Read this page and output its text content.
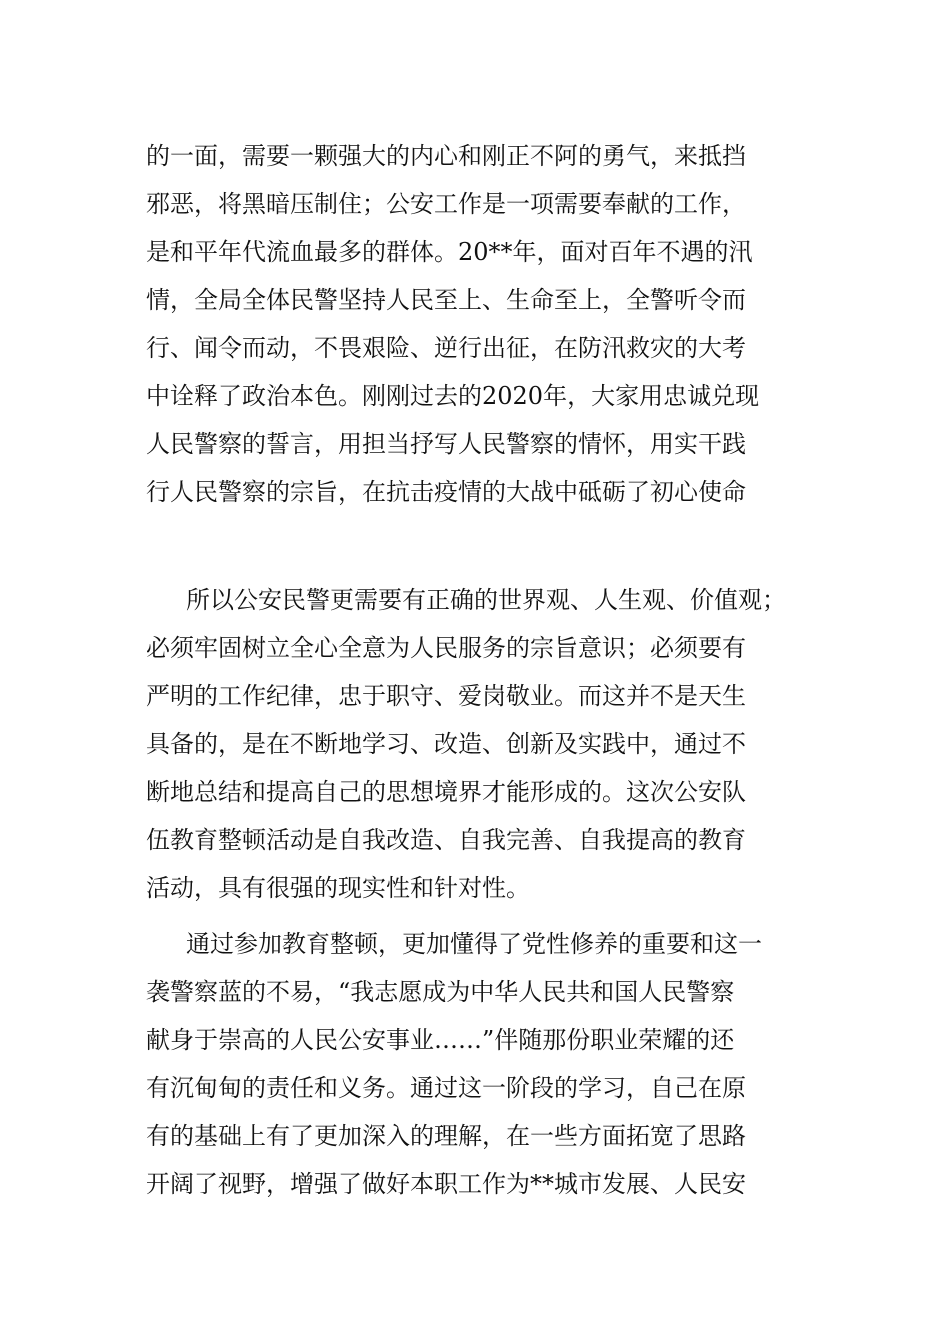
的一面，需要一颗强大的内心和刚正不阿的勇气，来抵挡
邪恶，将黑暗压制住；公安工作是一项需要奉献的工作，
是和平年代流血最多的群体。20**年，面对百年不遇的汛
情，全局全体民警坚持人民至上、生命至上，全警听令而
行、闻令而动，不畏艰险、逆行出征，在防汛救灾的大考
中诠释了政治本色。刚刚过去的2020年，大家用忠诚兑现
人民警察的誓言，用担当抒写人民警察的情怀，用实干践
行人民警察的宗旨，在抗击疫情的大战中砥砺了初心使命
所以公安民警更需要有正确的世界观、人生观、价值观；
必须牢固树立全心全意为人民服务的宗旨意识；必须要有
严明的工作纪律，忠于职守、爱岗敬业。而这并不是天生
具备的，是在不断地学习、改造、创新及实践中，通过不
断地总结和提高自己的思想境界才能形成的。这次公安队
伍教育整顿活动是自我改造、自我完善、自我提高的教育
活动，具有很强的现实性和针对性。
通过参加教育整顿，更加懂得了党性修养的重要和这一
袭警察蓝的不易，“我志愿成为中华人民共和国人民警察
献身于崇高的人民公安事业……”伴随那份职业荣耀的还
有沉甸甸的责任和义务。通过这一阶段的学习，自己在原
有的基础上有了更加深入的理解，在一些方面拓宽了思路
开阔了视野，增强了做好本职工作为**城市发展、人民安
